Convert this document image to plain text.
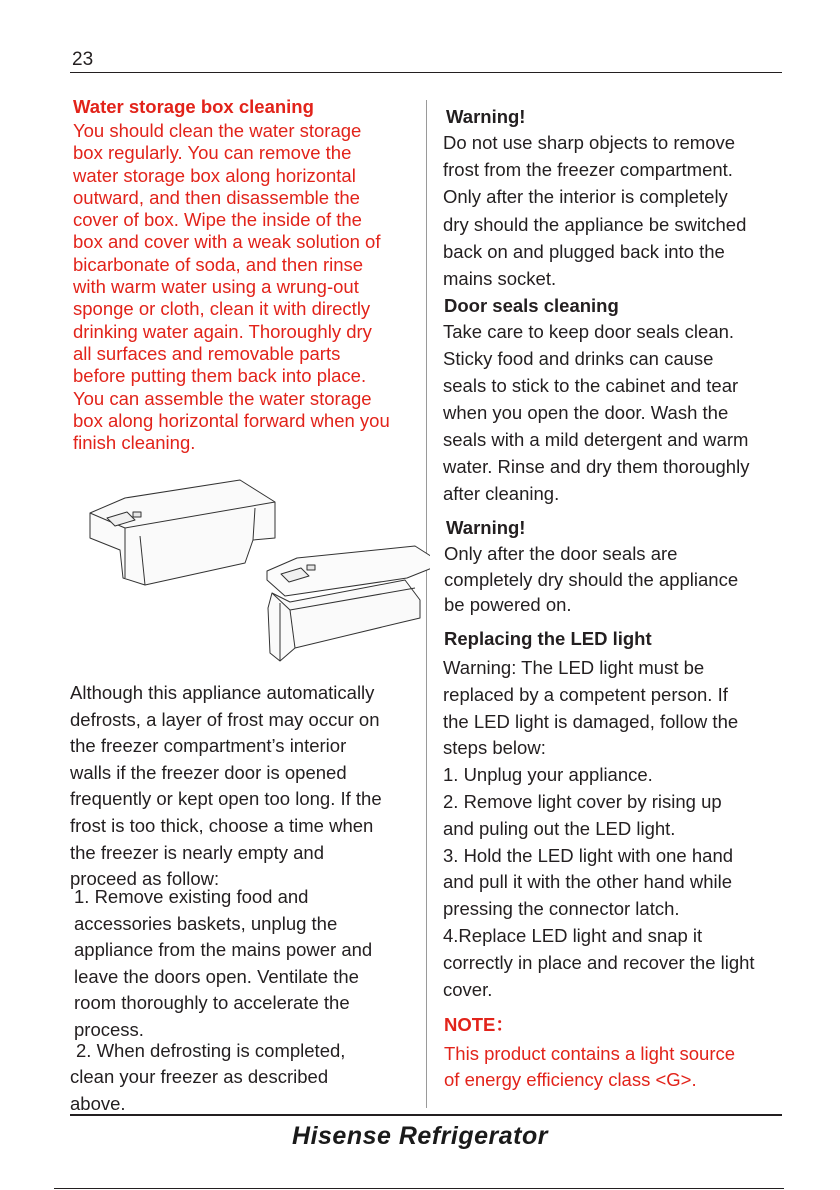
23
Water storage box cleaning

You should clean the water storage

box regularly. You can remove the

water storage box along horizontal

outward, and then disassemble the

cover of box. Wipe the inside of the

box and cover with a weak solution of

bicarbonate of soda, and then rinse

with warm water using a wrung-out

sponge or cloth, clean it with directly

drinking water again. Thoroughly dry

all surfaces and removable parts

before putting them back into place.

You can assemble the water storage

box along horizontal forward when you

finish cleaning.

Although this appliance automatically

defrosts, a layer of frost may occur on

the freezer compartment’s interior

walls if the freezer door is opened

frequently or kept open too long. If the

frost is too thick, choose a time when

the freezer is nearly empty and

proceed as follow:

1. Remove existing food and

accessories baskets, unplug the

appliance from the mains power and

leave the doors open. Ventilate the

room thoroughly to accelerate the

process.

2. When defrosting is completed,

clean your freezer as described

above.

Warning!

Do not use sharp objects to remove

frost from the freezer compartment.

Only after the interior is completely

dry should the appliance be switched

back on and plugged back into the

mains socket.

Door seals cleaning

Take care to keep door seals clean.

Sticky food and drinks can cause

seals to stick to the cabinet and tear

when you open the door. Wash the

seals with a mild detergent and warm

water. Rinse and dry them thoroughly

after cleaning.

Warning!

Only after the door seals are

completely dry should the appliance

be powered on.

Replacing the LED light

Warning: The LED light must be

replaced by a competent person. If

the LED light is damaged, follow the

steps below:

1. Unplug your appliance.

2. Remove light cover by rising up

and puling out the LED light.

3. Hold the LED light with one hand

and pull it with the other hand while

pressing the connector latch.

4.Replace LED light and snap it

correctly in place and recover the light

cover.

NOTE：

This product contains a light source

of energy efficiency class <G>.

Hisense Refrigerator
